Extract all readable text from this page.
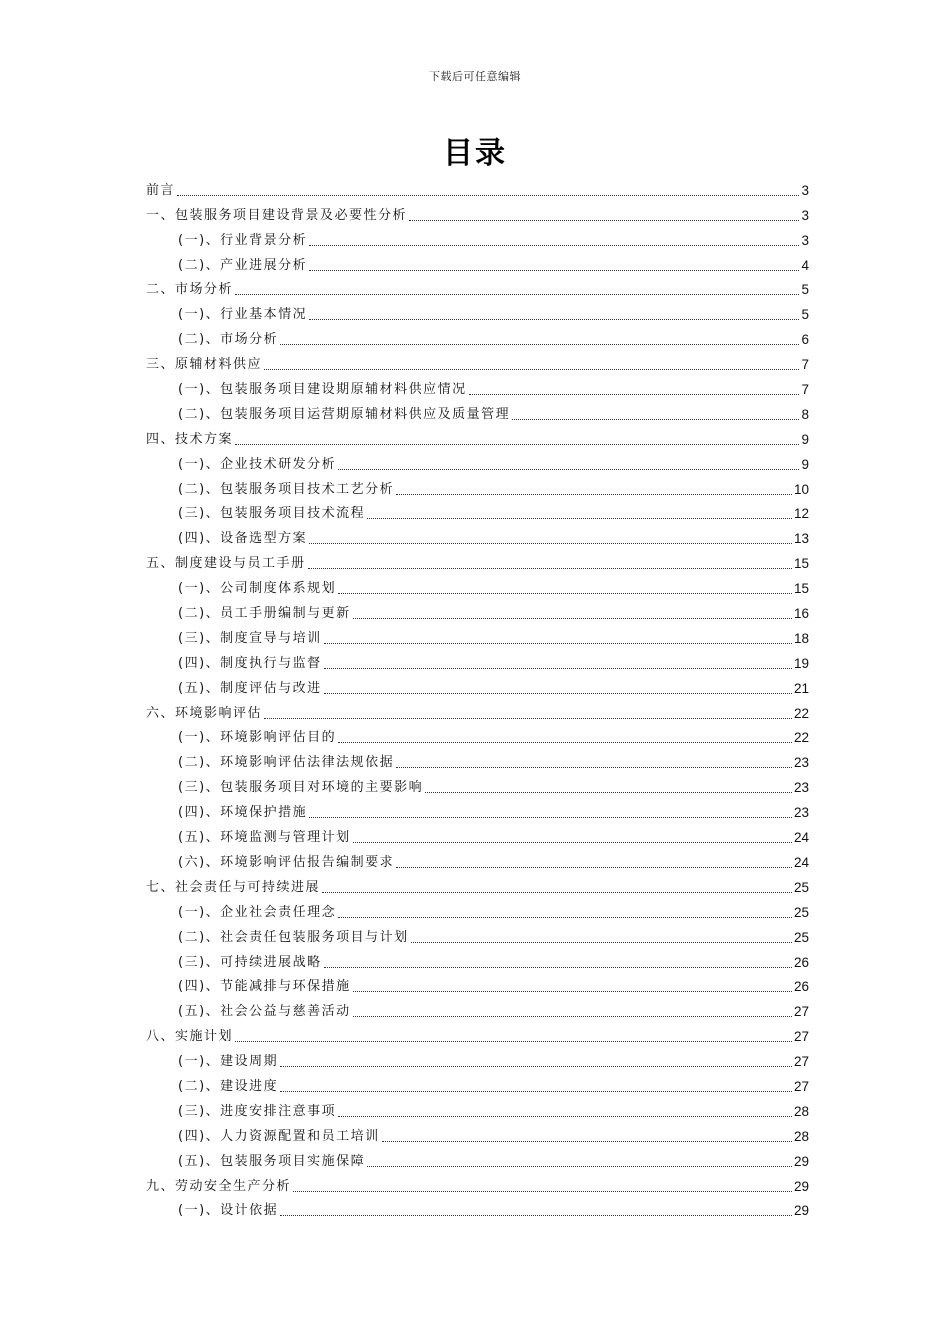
下载后可任意编辑
目录
前言	3
一、包装服务项目建设背景及必要性分析	3
(一)、行业背景分析	3
(二)、产业进展分析	4
二、市场分析	5
(一)、行业基本情况	5
(二)、市场分析	6
三、原辅材料供应	7
(一)、包装服务项目建设期原辅材料供应情况	7
(二)、包装服务项目运营期原辅材料供应及质量管理	8
四、技术方案	9
(一)、企业技术研发分析	9
(二)、包装服务项目技术工艺分析	10
(三)、包装服务项目技术流程	12
(四)、设备选型方案	13
五、制度建设与员工手册	15
(一)、公司制度体系规划	15
(二)、员工手册编制与更新	16
(三)、制度宣导与培训	18
(四)、制度执行与监督	19
(五)、制度评估与改进	21
六、环境影响评估	22
(一)、环境影响评估目的	22
(二)、环境影响评估法律法规依据	23
(三)、包装服务项目对环境的主要影响	23
(四)、环境保护措施	23
(五)、环境监测与管理计划	24
(六)、环境影响评估报告编制要求	24
七、社会责任与可持续进展	25
(一)、企业社会责任理念	25
(二)、社会责任包装服务项目与计划	25
(三)、可持续进展战略	26
(四)、节能减排与环保措施	26
(五)、社会公益与慈善活动	27
八、实施计划	27
(一)、建设周期	27
(二)、建设进度	27
(三)、进度安排注意事项	28
(四)、人力资源配置和员工培训	28
(五)、包装服务项目实施保障	29
九、劳动安全生产分析	29
(一)、设计依据	29
